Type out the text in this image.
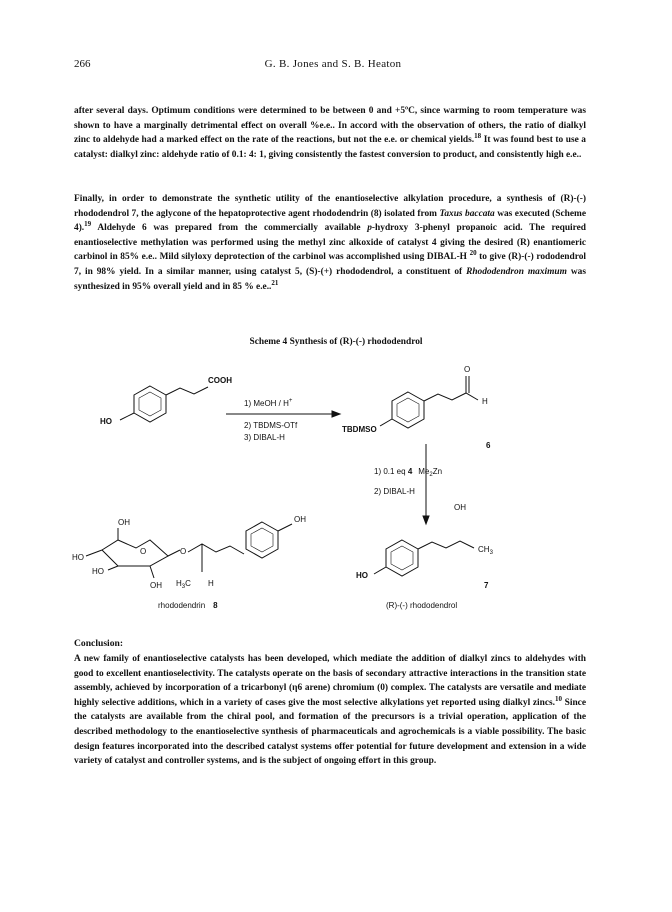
266	G. B. Jones and S. B. Heaton

after several days. Optimum conditions were determined to be between 0 and +5ºC, since warming to room temperature was shown to have a marginally detrimental effect on overall %e.e.. In accord with the observation of others, the ratio of dialkyl zinc to aldehyde had a marked effect on the rate of the reactions, but not the e.e. or chemical yields.$^{18}$ It was found best to use a catalyst: dialkyl zinc: aldehyde ratio of 0.1: 4: 1, giving consistently the fastest conversion to product, and consistently high e.e..

Finally, in order to demonstrate the synthetic utility of the enantioselective alkylation procedure, a synthesis of (R)-(-) rhododendrol 7, the aglycone of the hepatoprotective agent rhododendrin (8) isolated from Taxus baccata was executed (Scheme 4).$^{19}$ Aldehyde 6 was prepared from the commercially available p-hydroxy 3-phenyl propanoic acid. The required enantioselective methylation was performed using the methyl zinc alkoxide of catalyst 4 giving the desired (R) enantiomeric carbinol in 85% e.e.. Mild silyloxy deprotection of the carbinol was accomplished using DIBAL-H $^{20}$ to give (R)-(-) rododendrol 7, in 98% yield. In a similar manner, using catalyst 5, (S)-(+) rhododendrol, a constituent of Rhododendron maximum was synthesized in 95% overall yield and in 85 % e.e..$^{21}$

Scheme 4 Synthesis of (R)-(-) rhododendrol
COOH
HO
1) MeOH / H+
2) TBDMS-OTf
3) DIBAL-H
O
H
TBDMSO
6
1) 0.1 eq 4 $Me_2Zn$
2) DIBAL-H
OH
$CH_3$
HO
7
(R)-(-) rhododendrol
OH
HO
HO
O	O
OH $H_3C$ H
OH
rhododendrin 8
Conclusion:

A new family of enantioselective catalysts has been developed, which mediate the addition of dialkyl zincs to aldehydes with good to excellent enantioselectivity. The catalysts operate on the basis of secondary attractive interactions in the transition state assembly, achieved by incorporation of a tricarbonyl (η6 arene) chromium (0) complex. The catalysts are versatile and mediate highly selective additions, which in a variety of cases give the most selective alkylations yet reported using dialkyl zincs.$^{10}$ Since the catalysts are available from the chiral pool, and formation of the precursors is a trivial operation, application of the described methodology to the enantioselective synthesis of pharmaceuticals and agrochemicals is a viable possibility. The basic design features incorporated into the described catalyst systems offer potential for future development and extension in a wide variety of catalyst and controller systems, and is the subject of ongoing effort in this group.
